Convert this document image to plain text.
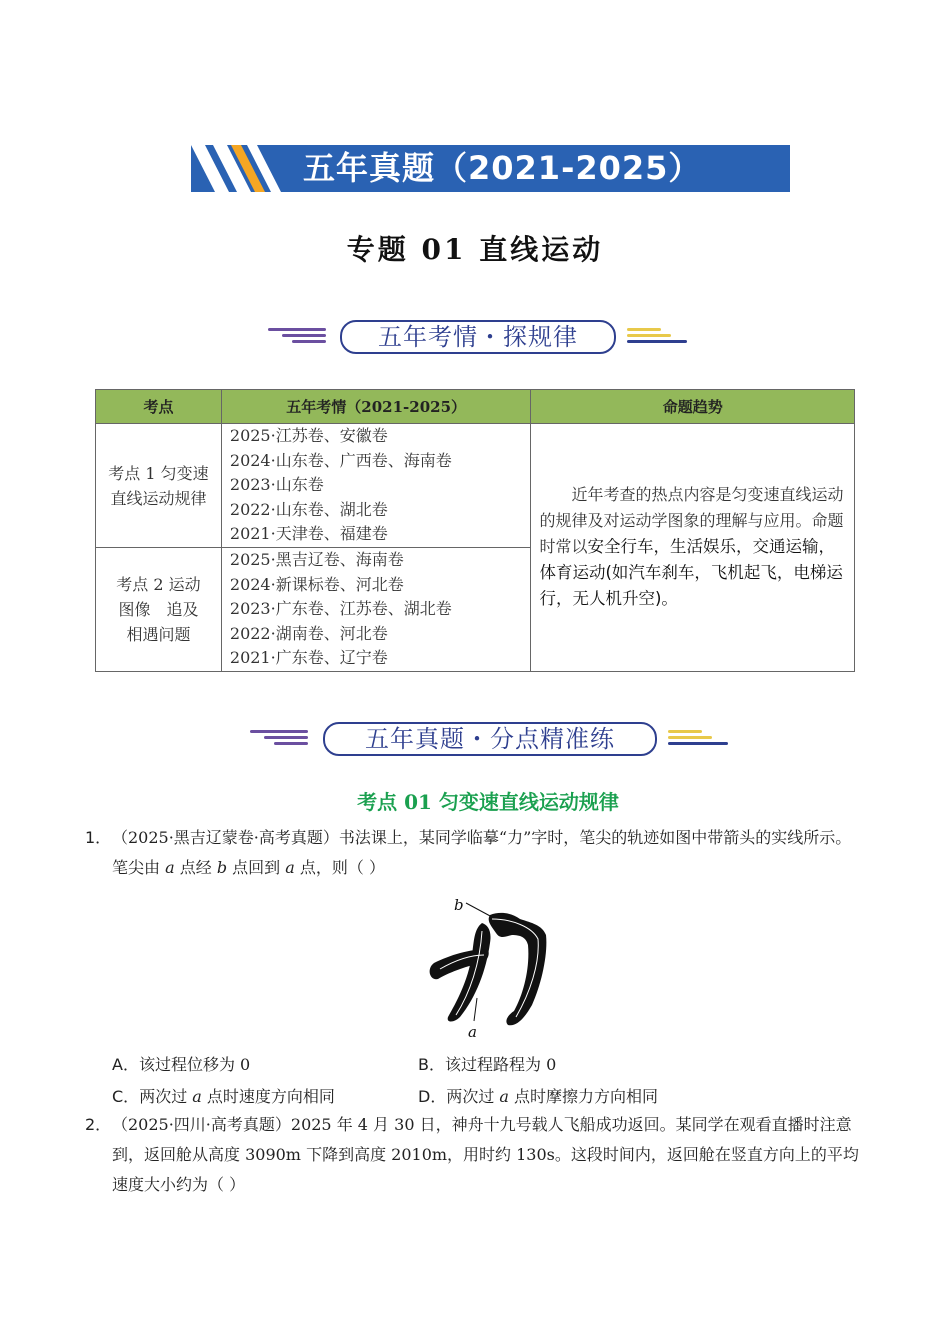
五年真题（2021-2025）
专题 01 直线运动
五年考情・探规律
考点	五年考情（2021-2025）	命题趋势
考点 1 匀变速直线运动规律	2025·江苏卷、安徽卷
2024·山东卷、广西卷、海南卷
2023·山东卷
2022·山东卷、湖北卷
2021·天津卷、福建卷	近年考查的热点内容是匀变速直线运动的规律及对运动学图象的理解与应用。命题时常以安全行车，生活娱乐，交通运输，体育运动(如汽车刹车，飞机起飞，电梯运行，无人机升空)。
考点 2 运动图像　追及相遇问题	2025·黑吉辽卷、海南卷
2024·新课标卷、河北卷
2023·广东卷、江苏卷、湖北卷
2022·湖南卷、河北卷
2021·广东卷、辽宁卷	
五年真题・分点精准练
考点 01 匀变速直线运动规律
1． （2025·黑吉辽蒙卷·高考真题）书法课上，某同学临摹“力”字时，笔尖的轨迹如图中带箭头的实线所示。笔尖由 a 点经 b 点回到 a 点，则（ ）
b
a
A．该过程位移为 0	B．该过程路程为 0
C．两次过 a 点时速度方向相同	D．两次过 a 点时摩擦力方向相同
2． （2025·四川·高考真题）2025 年 4 月 30 日，神舟十九号载人飞船成功返回。某同学在观看直播时注意到，返回舱从高度 3090m 下降到高度 2010m，用时约 130s。这段时间内，返回舱在竖直方向上的平均速度大小约为（ ）
